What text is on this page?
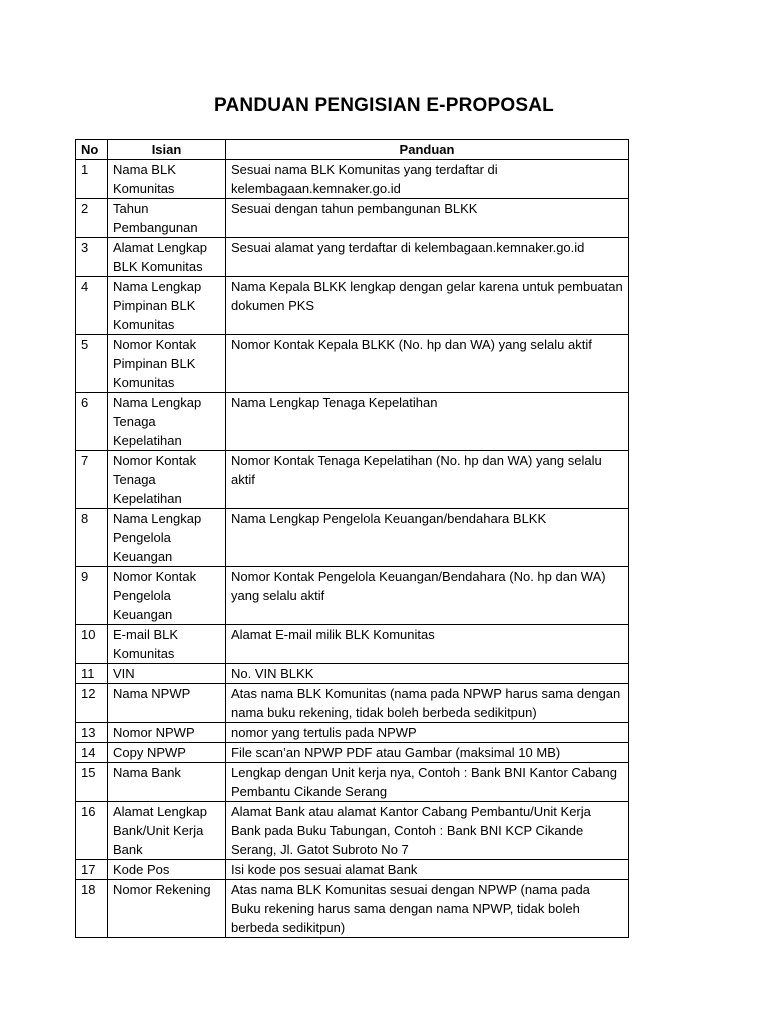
PANDUAN PENGISIAN E-PROPOSAL
No	Isian	Panduan
1	Nama BLK Komunitas	Sesuai nama BLK Komunitas yang terdaftar di kelembagaan.kemnaker.go.id
2	Tahun Pembangunan	Sesuai dengan tahun pembangunan BLKK
3	Alamat Lengkap BLK Komunitas	Sesuai alamat yang terdaftar di kelembagaan.kemnaker.go.id
4	Nama Lengkap Pimpinan BLK Komunitas	Nama Kepala BLKK lengkap dengan gelar karena untuk pembuatan dokumen PKS
5	Nomor Kontak Pimpinan BLK Komunitas	Nomor Kontak Kepala BLKK (No. hp dan WA) yang selalu aktif
6	Nama Lengkap Tenaga Kepelatihan	Nama Lengkap Tenaga Kepelatihan
7	Nomor Kontak Tenaga Kepelatihan	Nomor Kontak Tenaga Kepelatihan (No. hp dan WA) yang selalu aktif
8	Nama Lengkap Pengelola Keuangan	Nama Lengkap Pengelola Keuangan/bendahara BLKK
9	Nomor Kontak Pengelola Keuangan	Nomor Kontak Pengelola Keuangan/Bendahara (No. hp dan WA) yang selalu aktif
10	E-mail BLK Komunitas	Alamat E-mail milik BLK Komunitas
11	VIN	No. VIN BLKK
12	Nama NPWP	Atas nama BLK Komunitas (nama pada NPWP harus sama dengan nama buku rekening, tidak boleh berbeda sedikitpun)
13	Nomor NPWP	nomor yang tertulis pada NPWP
14	Copy NPWP	File scan’an NPWP PDF atau Gambar (maksimal 10 MB)
15	Nama Bank	Lengkap dengan Unit kerja nya, Contoh : Bank BNI Kantor Cabang Pembantu Cikande Serang
16	Alamat Lengkap Bank/Unit Kerja Bank	Alamat Bank atau alamat Kantor Cabang Pembantu/Unit Kerja Bank pada Buku Tabungan, Contoh : Bank BNI KCP Cikande Serang, Jl. Gatot Subroto No 7
17	Kode Pos	Isi kode pos sesuai alamat Bank
18	Nomor Rekening	Atas nama BLK Komunitas sesuai dengan NPWP (nama pada Buku rekening harus sama dengan nama NPWP, tidak boleh berbeda sedikitpun)
